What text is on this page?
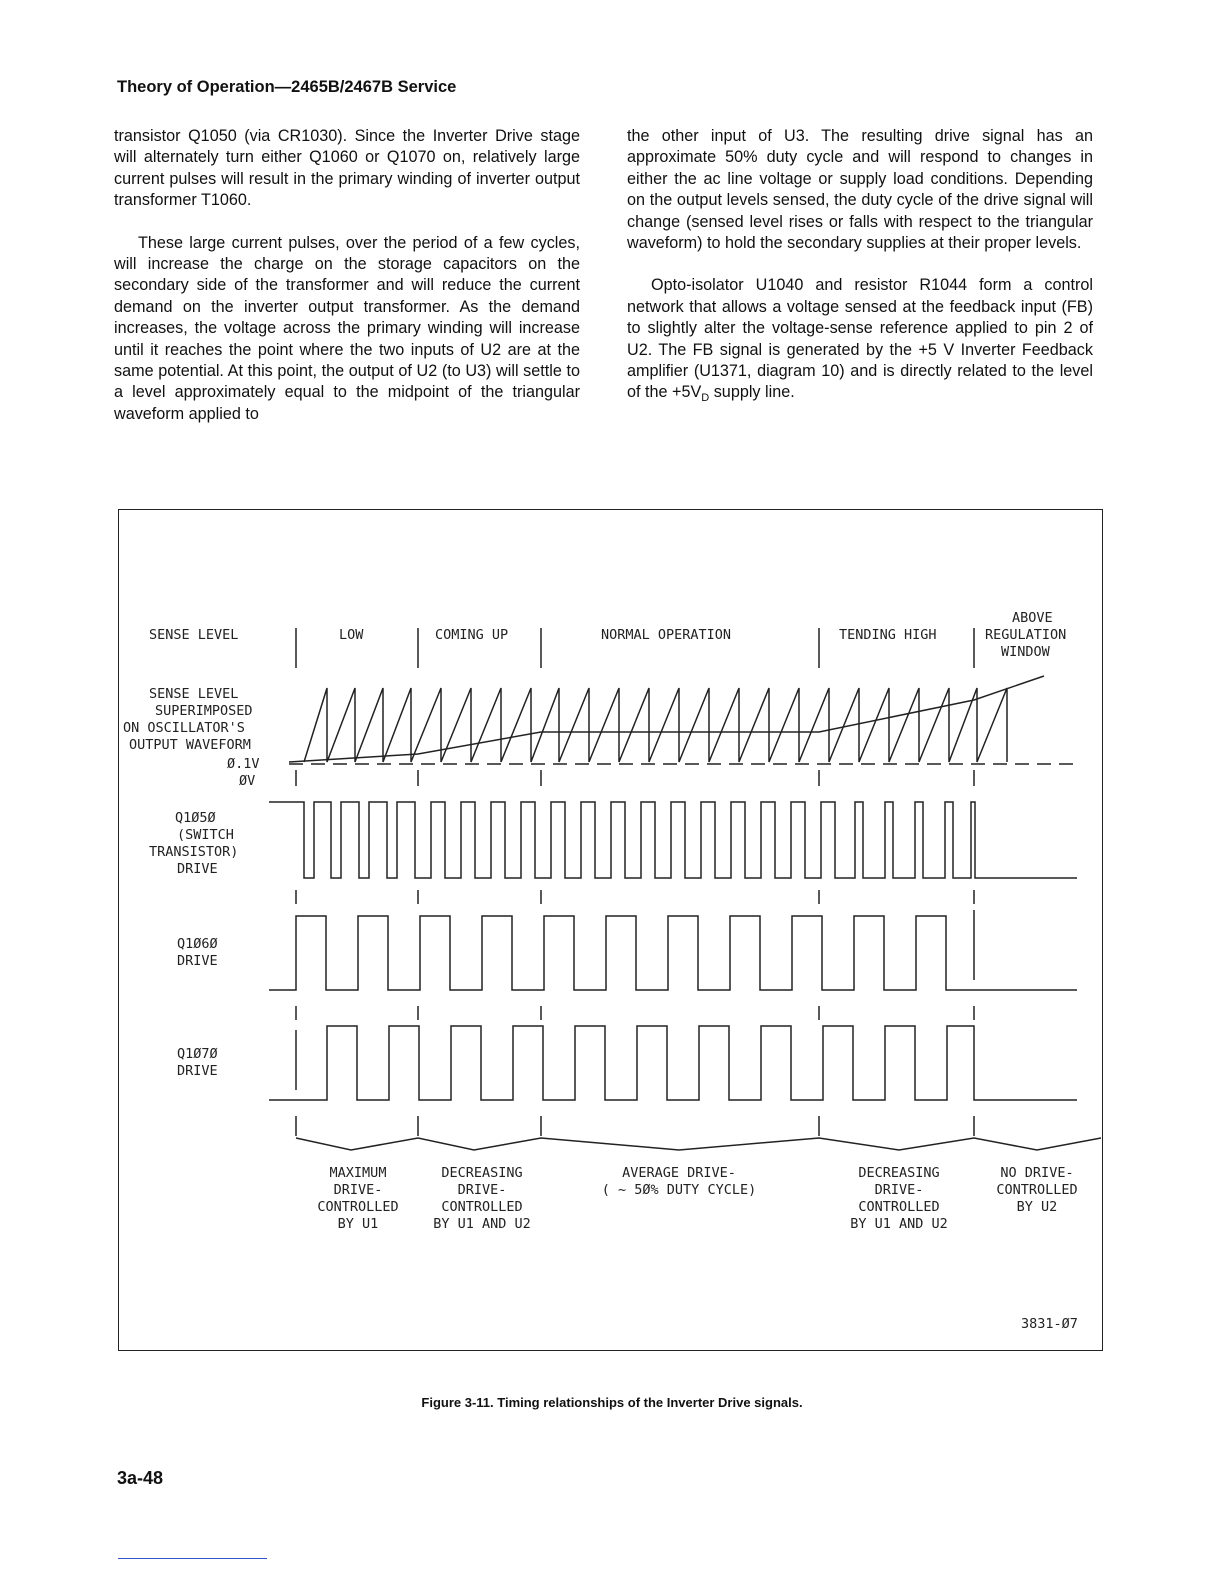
Theory of Operation—2465B/2467B Service

transistor Q1050 (via CR1030). Since the Inverter Drive stage will alternately turn either Q1060 or Q1070 on, relatively large current pulses will result in the primary winding of inverter output transformer T1060.

These large current pulses, over the period of a few cycles, will increase the charge on the storage capacitors on the secondary side of the transformer and will reduce the current demand on the inverter output transformer. As the demand increases, the voltage across the primary winding will increase until it reaches the point where the two inputs of U2 are at the same potential. At this point, the output of U2 (to U3) will settle to a level approximately equal to the midpoint of the triangular waveform applied to

the other input of U3. The resulting drive signal has an approximate 50% duty cycle and will respond to changes in either the ac line voltage or supply load conditions. Depending on the output levels sensed, the duty cycle of the drive signal will change (sensed level rises or falls with respect to the triangular waveform) to hold the secondary supplies at their proper levels.

Opto-isolator U1040 and resistor R1044 form a control network that allows a voltage sensed at the feedback input (FB) to slightly alter the voltage-sense reference applied to pin 2 of U2. The FB signal is generated by the +5 V Inverter Feedback amplifier (U1371, diagram 10) and is directly related to the level of the $+5V_D$ supply line.

SENSE LEVEL	LOW	COMING UP	NORMAL OPERATION	TENDING HIGH
ABOVE
REGULATION
WINDOW
SENSE LEVEL
SUPERIMPOSED
ON OSCILLATOR'S
OUTPUT WAVEFORM
Ø.1V
ØV
Q1Ø5Ø
(SWITCH
TRANSISTOR)
DRIVE
Q1Ø6Ø
DRIVE
Q1Ø7Ø
DRIVE
MAXIMUM
DRIVE-
CONTROLLED
BY U1
DECREASING
DRIVE-
CONTROLLED
BY U1 AND U2
AVERAGE DRIVE-
( ~ 5Ø% DUTY CYCLE)
DECREASING
DRIVE-
CONTROLLED
BY U1 AND U2
NO DRIVE-
CONTROLLED
BY U2
3831-Ø7
Figure 3-11. Timing relationships of the Inverter Drive signals.
3a-48
